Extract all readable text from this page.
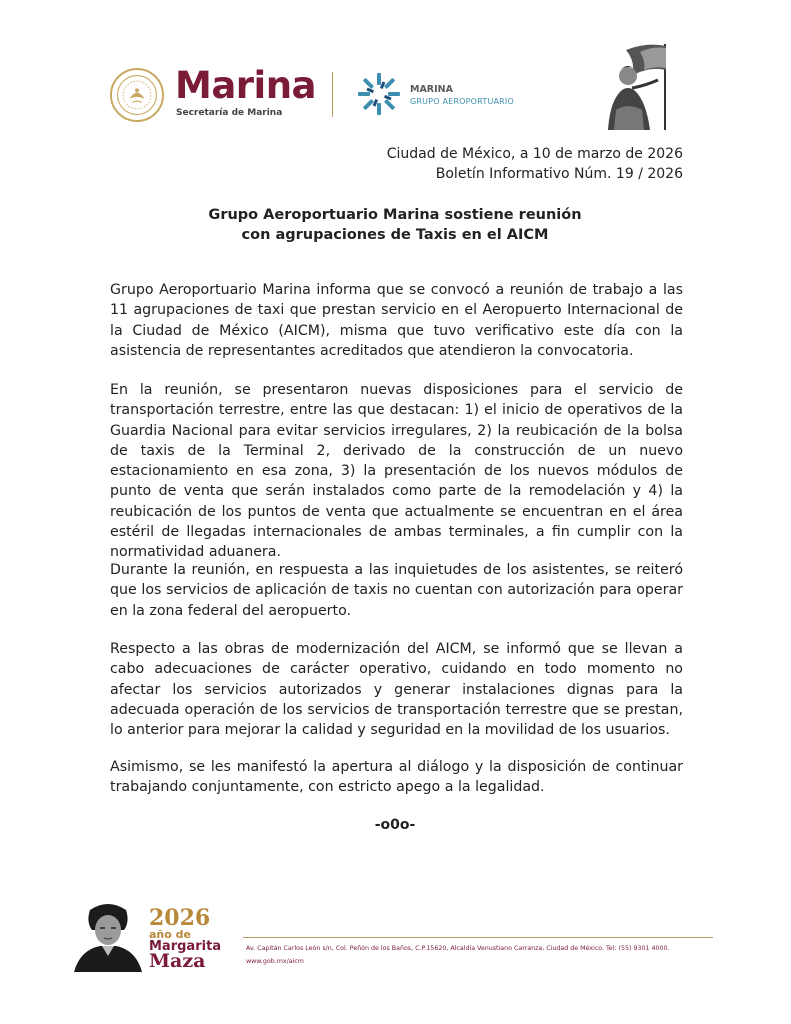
Marina
Secretaría de Marina
MARINA
GRUPO AEROPORTUARIO
Ciudad de México, a 10 de marzo de 2026
Boletín Informativo Núm. 19 / 2026
Grupo Aeroportuario Marina sostiene reunión
con agrupaciones de Taxis en el AICM

Grupo Aeroportuario Marina informa que se convocó a reunión de trabajo a las 11 agrupaciones de taxi que prestan servicio en el Aeropuerto Internacional de la Ciudad de México (AICM), misma que tuvo verificativo este día con la asistencia de representantes acreditados que atendieron la convocatoria.

En la reunión, se presentaron nuevas disposiciones para el servicio de transportación terrestre, entre las que destacan: 1) el inicio de operativos de la Guardia Nacional para evitar servicios irregulares, 2) la reubicación de la bolsa de taxis de la Terminal 2, derivado de la construcción de un nuevo estacionamiento en esa zona, 3) la presentación de los nuevos módulos de punto de venta que serán instalados como parte de la remodelación y 4) la reubicación de los puntos de venta que actualmente se encuentran en el área estéril de llegadas internacionales de ambas terminales, a fin cumplir con la normatividad aduanera.

Durante la reunión, en respuesta a las inquietudes de los asistentes, se reiteró que los servicios de aplicación de taxis no cuentan con autorización para operar en la zona federal del aeropuerto.

Respecto a las obras de modernización del AICM, se informó que se llevan a cabo adecuaciones de carácter operativo, cuidando en todo momento no afectar los servicios autorizados y generar instalaciones dignas para la adecuada operación de los servicios de transportación terrestre que se prestan, lo anterior para mejorar la calidad y seguridad en la movilidad de los usuarios.

Asimismo, se les manifestó la apertura al diálogo y la disposición de continuar trabajando conjuntamente, con estricto apego a la legalidad.

-o0o-
2026
año de
Margarita
Maza
Av. Capitán Carlos León s/n, Col. Peñón de los Baños, C.P.15620, Alcaldía Venustiano Carranza, Ciudad de México. Tel: (55) 9301 4000.
www.gob.mx/aicm
